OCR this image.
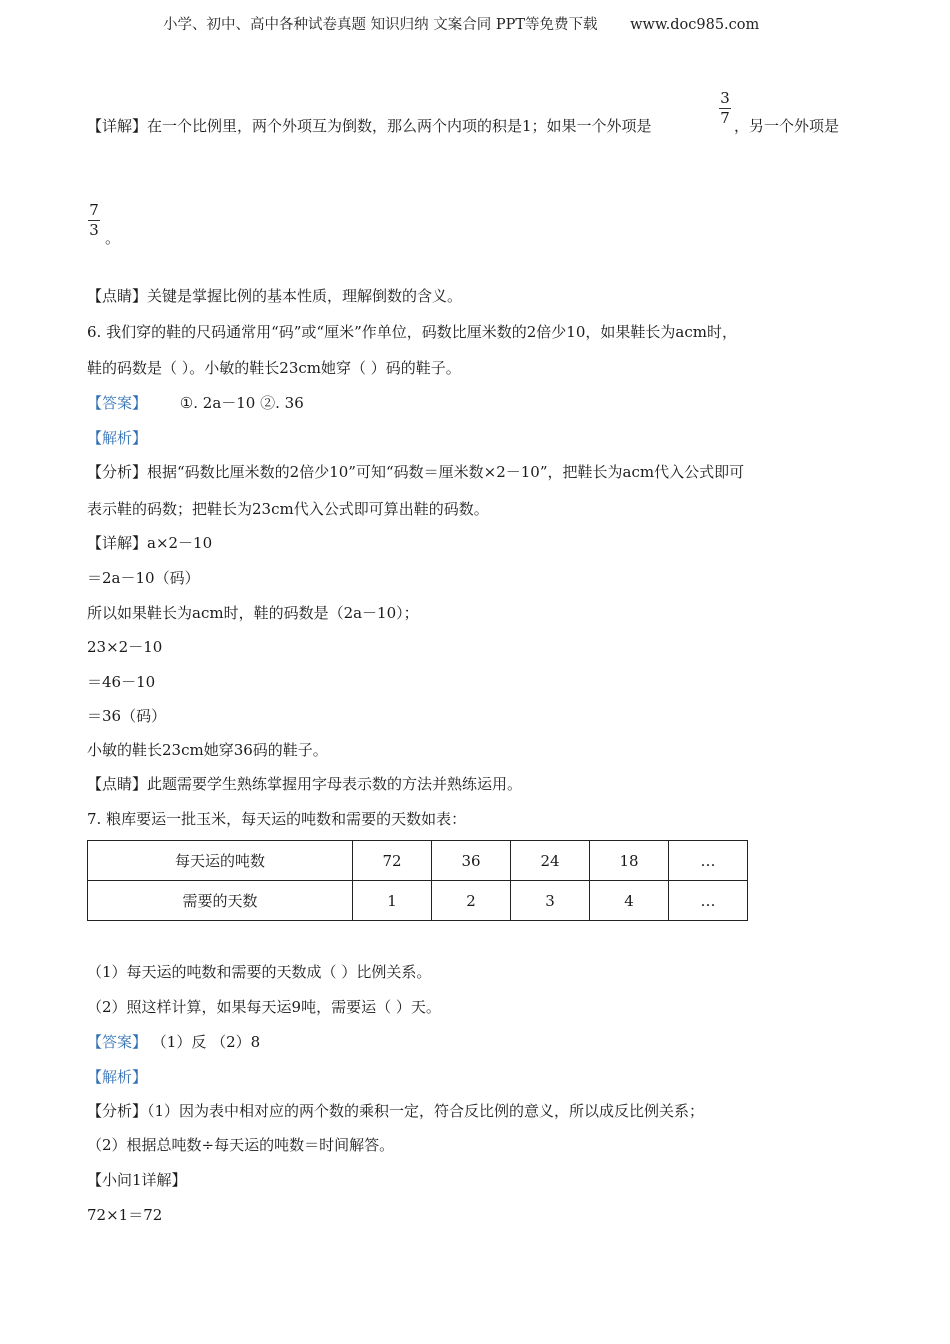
小学、初中、高中各种试卷真题 知识归纳 文案合同 PPT等免费下载 www.doc985.com
【详解】在一个比例里，两个外项互为倒数，那么两个内项的积是1；如果一个外项是	$\frac{3}{7}$ ，另一个外项是
$\frac{7}{3}$ 。
【点睛】关键是掌握比例的基本性质，理解倒数的含义。
6. 我们穿的鞋的尺码通常用“码”或“厘米”作单位，码数比厘米数的2倍少10，如果鞋长为acm时，
鞋的码数是（ ）。小敏的鞋长23cm她穿（ ）码的鞋子。
【答案】 ①. 2a－10 ②. 36
【解析】
【分析】根据“码数比厘米数的2倍少10”可知“码数＝厘米数×2－10”，把鞋长为acm代入公式即可
表示鞋的码数；把鞋长为23cm代入公式即可算出鞋的码数。
【详解】a×2－10
＝2a－10（码）
所以如果鞋长为acm时，鞋的码数是（2a－10）；
23×2－10
＝46－10
＝36（码）
小敏的鞋长23cm她穿36码的鞋子。
【点睛】此题需要学生熟练掌握用字母表示数的方法并熟练运用。
7. 粮库要运一批玉米，每天运的吨数和需要的天数如表：
每天运的吨数	72	36	24	18	…
需要的天数	1	2	3	4	…
（1）每天运的吨数和需要的天数成（ ）比例关系。
（2）照这样计算，如果每天运9吨，需要运（ ）天。
【答案】 （1）反 （2）8
【解析】
【分析】（1）因为表中相对应的两个数的乘积一定，符合反比例的意义，所以成反比例关系；
（2）根据总吨数÷每天运的吨数＝时间解答。
【小问1详解】
72×1＝72
